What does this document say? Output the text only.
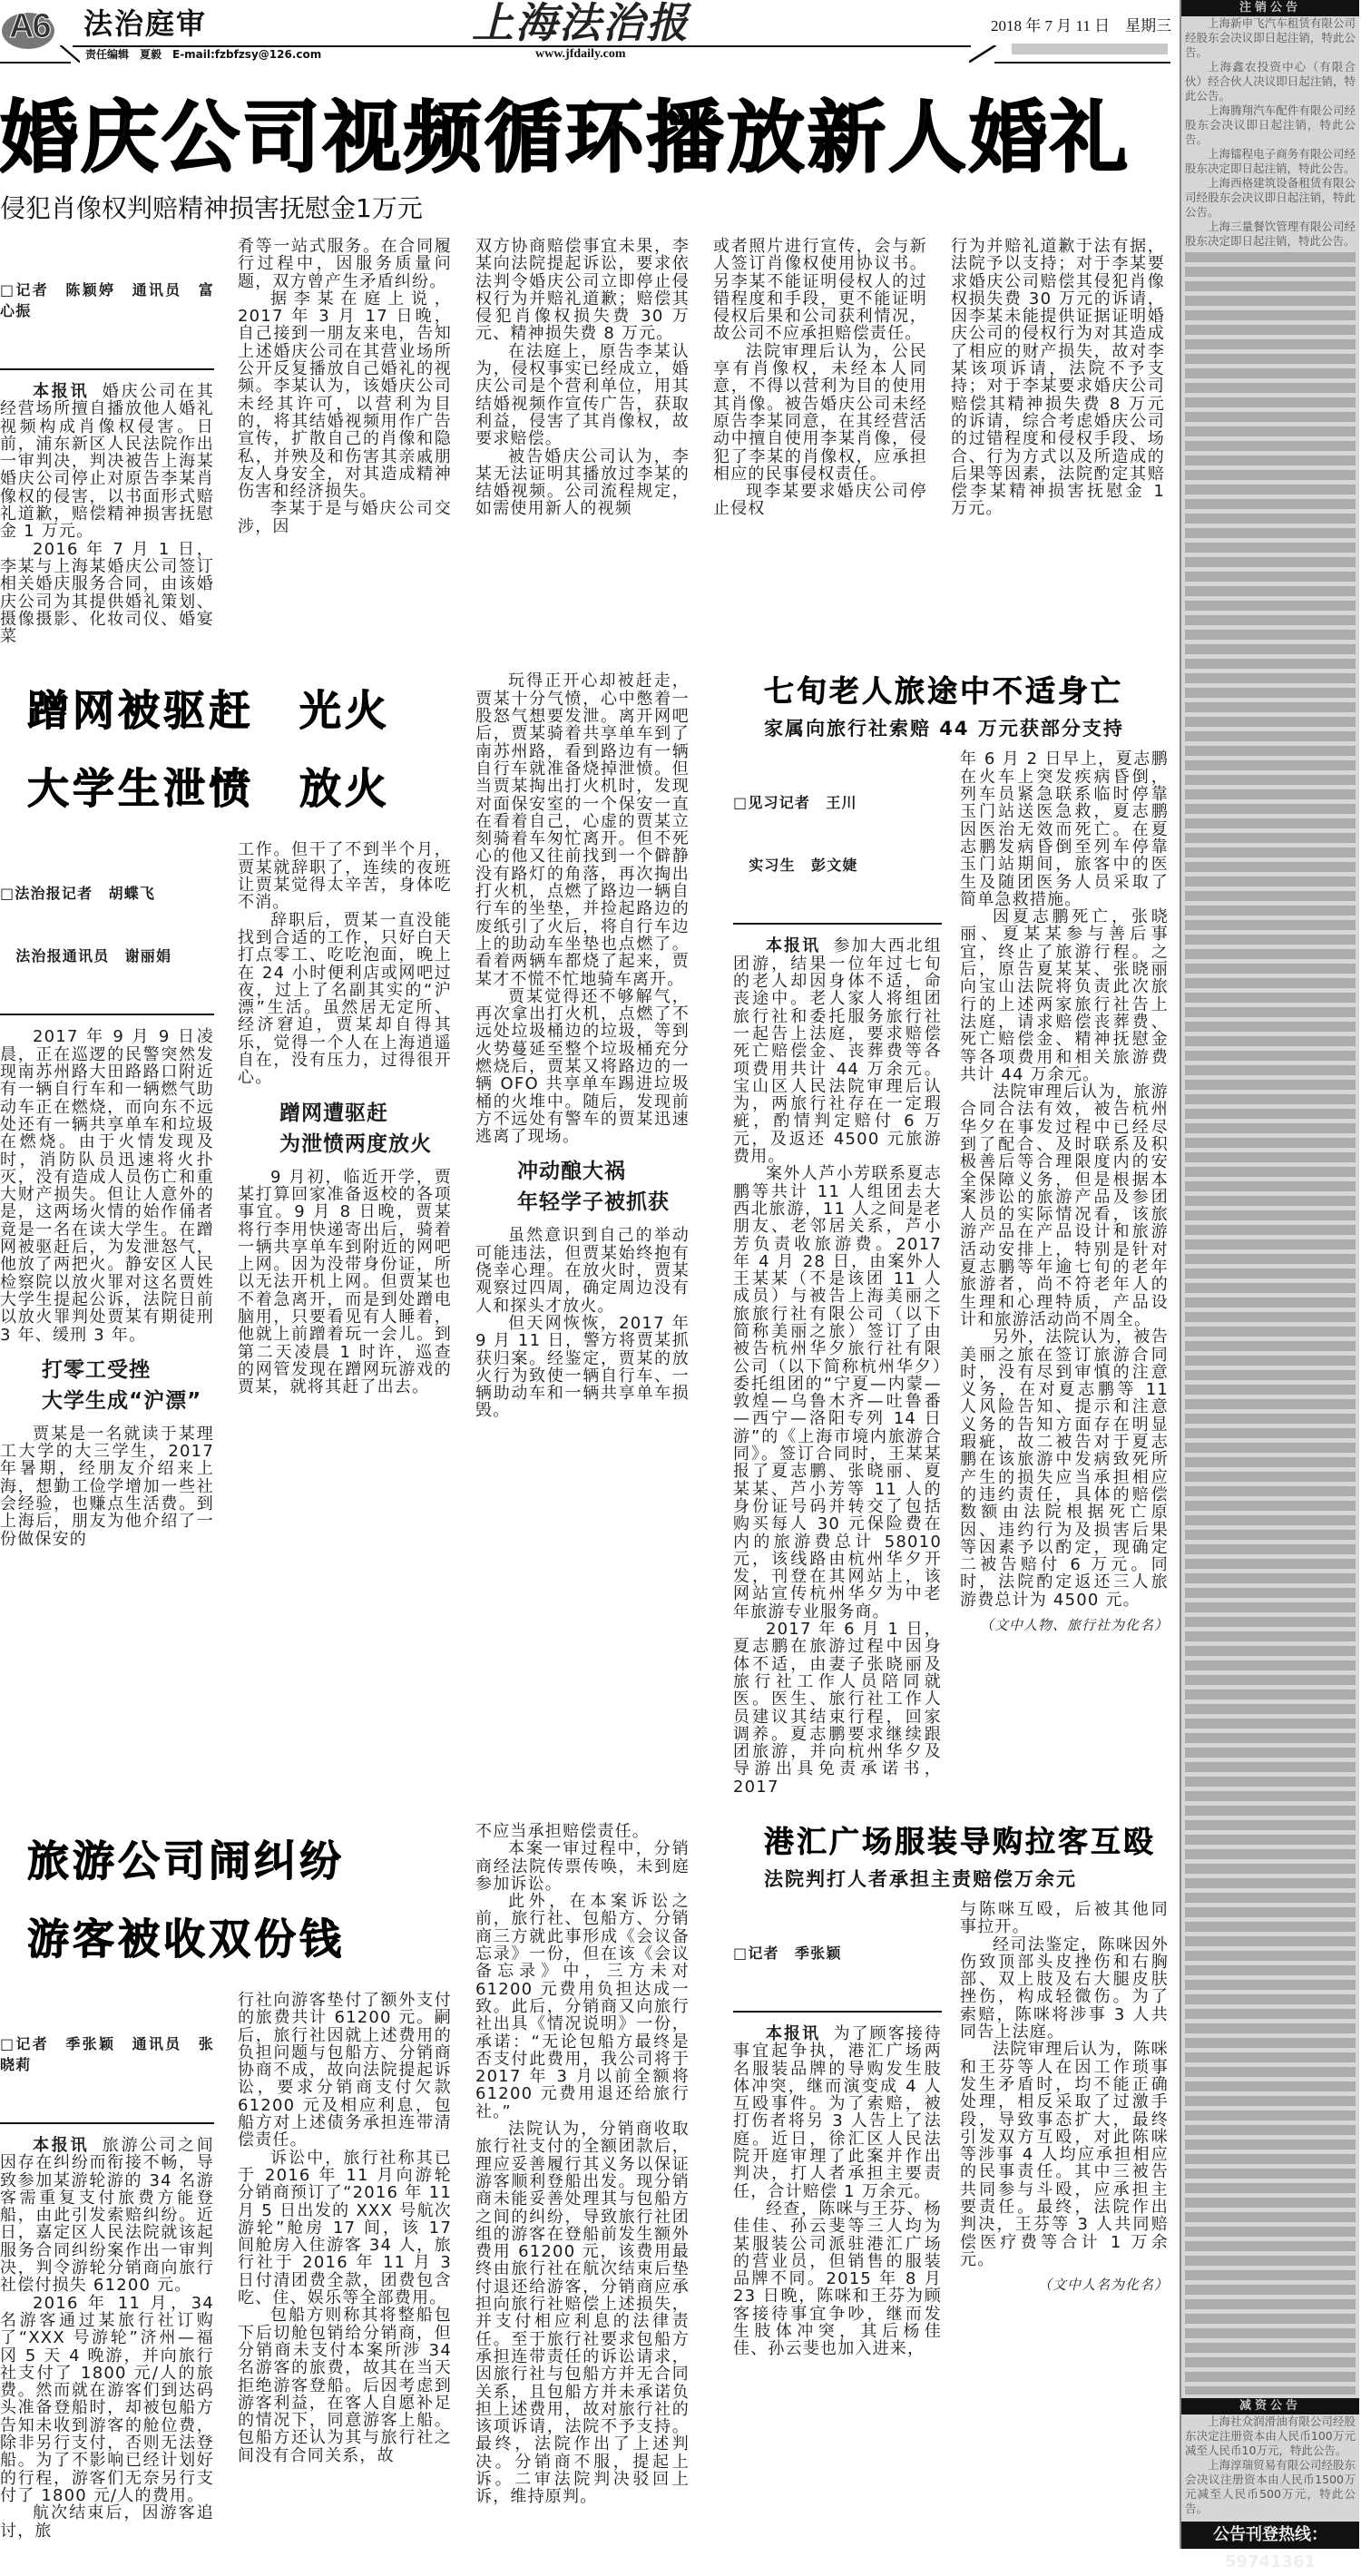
A6 法治庭审	上海法治报	2018 年 7 月 11 日　星期三
责任编辑　夏毅　E-mail:fzbfzsy@126.com	www.jfdaily.com
婚庆公司视频循环播放新人婚礼
侵犯肖像权判赔精神损害抚慰金1万元

□记者　陈颖婷　通讯员　富心振

本报讯 婚庆公司在其经营场所擅自播放他人婚礼视频构成肖像权侵害。日前，浦东新区人民法院作出一审判决，判决被告上海某婚庆公司停止对原告李某肖像权的侵害，以书面形式赔礼道歉，赔偿精神损害抚慰金 1 万元。

2016 年 7 月 1 日，李某与上海某婚庆公司签订相关婚庆服务合同，由该婚庆公司为其提供婚礼策划、摄像摄影、化妆司仪、婚宴菜

肴等一站式服务。在合同履行过程中，因服务质量问题，双方曾产生矛盾纠纷。

据李某在庭上说，2017 年 3 月 17 日晚，自己接到一朋友来电，告知上述婚庆公司在其营业场所公开反复播放自己婚礼的视频。李某认为，该婚庆公司未经其许可，以营利为目的，将其结婚视频用作广告宣传，扩散自己的肖像和隐私，并殃及和伤害其亲戚朋友人身安全，对其造成精神伤害和经济损失。

李某于是与婚庆公司交涉，因

双方协商赔偿事宜未果，李某向法院提起诉讼，要求依法判令婚庆公司立即停止侵权行为并赔礼道歉；赔偿其侵犯肖像权损失费 30 万元、精神损失费 8 万元。

在法庭上，原告李某认为，侵权事实已经成立，婚庆公司是个营利单位，用其结婚视频作宣传广告，获取利益，侵害了其肖像权，故要求赔偿。

被告婚庆公司认为，李某无法证明其播放过李某的结婚视频。公司流程规定，如需使用新人的视频

或者照片进行宣传，会与新人签订肖像权使用协议书。另李某不能证明侵权人的过错程度和手段，更不能证明侵权后果和公司获利情况，故公司不应承担赔偿责任。

法院审理后认为，公民享有肖像权，未经本人同意，不得以营利为目的使用其肖像。被告婚庆公司未经原告李某同意，在其经营活动中擅自使用李某肖像，侵犯了李某的肖像权，应承担相应的民事侵权责任。

现李某要求婚庆公司停止侵权

行为并赔礼道歉于法有据，法院予以支持；对于李某要求婚庆公司赔偿其侵犯肖像权损失费 30 万元的诉请，因李某未能提供证据证明婚庆公司的侵权行为对其造成了相应的财产损失，故对李某该项诉请，法院不予支持；对于李某要求婚庆公司赔偿其精神损失费 8 万元的诉请，综合考虑婚庆公司的过错程度和侵权手段、场合、行为方式以及所造成的后果等因素，法院酌定其赔偿李某精神损害抚慰金 1 万元。

蹭网被驱赶　光火
大学生泄愤　放火

□法治报记者　胡蝶飞

　法治报通讯员　谢丽娟

2017 年 9 月 9 日凌晨，正在巡逻的民警突然发现南苏州路大田路路口附近有一辆自行车和一辆燃气助动车正在燃烧，而向东不远处还有一辆共享单车和垃圾在燃烧。由于火情发现及时，消防队员迅速将火扑灭，没有造成人员伤亡和重大财产损失。但让人意外的是，这两场火情的始作俑者竟是一名在读大学生。在蹭网被驱赶后，为发泄怒气，他放了两把火。静安区人民检察院以放火罪对这名贾姓大学生提起公诉，法院日前以放火罪判处贾某有期徒刑 3 年、缓刑 3 年。

打零工受挫
大学生成“沪漂”

贾某是一名就读于某理工大学的大三学生，2017 年暑期，经朋友介绍来上海，想勤工俭学增加一些社会经验，也赚点生活费。到上海后，朋友为他介绍了一份做保安的

工作。但干了不到半个月，贾某就辞职了，连续的夜班让贾某觉得太辛苦，身体吃不消。

辞职后，贾某一直没能找到合适的工作，只好白天打点零工、吃吃泡面，晚上在 24 小时便利店或网吧过夜，过上了名副其实的“沪漂”生活。虽然居无定所、经济窘迫，贾某却自得其乐，觉得一个人在上海逍遥自在，没有压力，过得很开心。

蹭网遭驱赶
为泄愤两度放火

9 月初，临近开学，贾某打算回家准备返校的各项事宜。9 月 8 日晚，贾某将行李用快递寄出后，骑着一辆共享单车到附近的网吧上网。因为没带身份证，所以无法开机上网。但贾某也不着急离开，而是到处蹭电脑用，只要看见有人睡着，他就上前蹭着玩一会儿。到第二天凌晨 1 时许，巡查的网管发现在蹭网玩游戏的贾某，就将其赶了出去。

玩得正开心却被赶走，贾某十分气愤，心中憋着一股怒气想要发泄。离开网吧后，贾某骑着共享单车到了南苏州路，看到路边有一辆自行车就准备烧掉泄愤。但当贾某掏出打火机时，发现对面保安室的一个保安一直在看着自己，心虚的贾某立刻骑着车匆忙离开。但不死心的他又往前找到一个僻静没有路灯的角落，再次掏出打火机，点燃了路边一辆自行车的坐垫，并捡起路边的废纸引了火后，将自行车边上的助动车坐垫也点燃了。看着两辆车都烧了起来，贾某才不慌不忙地骑车离开。

贾某觉得还不够解气，再次拿出打火机，点燃了不远处垃圾桶边的垃圾，等到火势蔓延至整个垃圾桶充分燃烧后，贾某又将路边的一辆 OFO 共享单车踢进垃圾桶的火堆中。随后，发现前方不远处有警车的贾某迅速逃离了现场。

冲动酿大祸
年轻学子被抓获

虽然意识到自己的举动可能违法，但贾某始终抱有侥幸心理。在放火时，贾某观察过四周，确定周边没有人和探头才放火。

但天网恢恢，2017 年 9 月 11 日，警方将贾某抓获归案。经鉴定，贾某的放火行为致使一辆自行车、一辆助动车和一辆共享单车损毁。

七旬老人旅途中不适身亡
家属向旅行社索赔 44 万元获部分支持

□见习记者　王川

　实习生　彭文婕

本报讯 参加大西北组团游，结果一位年过七旬的老人却因身体不适，命丧途中。老人家人将组团旅行社和委托服务旅行社一起告上法庭，要求赔偿死亡赔偿金、丧葬费等各项费用共计 44 万余元。宝山区人民法院审理后认为，两旅行社存在一定瑕疵，酌情判定赔付 6 万元，及返还 4500 元旅游费用。

案外人芦小芳联系夏志鹏等共计 11 人组团去大西北旅游，11 人之间是老朋友、老邻居关系，芦小芳负责收旅游费。2017 年 4 月 28 日，由案外人王某某（不是该团 11 人成员）与被告上海美丽之旅旅行社有限公司（以下简称美丽之旅）签订了由被告杭州华夕旅行社有限公司（以下简称杭州华夕）委托组团的“宁夏—内蒙—敦煌—乌鲁木齐—吐鲁番—西宁—洛阳专列 14 日游”的《上海市境内旅游合同》。签订合同时，王某某报了夏志鹏、张晓丽、夏某某、芦小芳等 11 人的身份证号码并转交了包括购买每人 30 元保险费在内的旅游费总计 58010 元，该线路由杭州华夕开发，刊登在其网站上，该网站宣传杭州华夕为中老年旅游专业服务商。

2017 年 6 月 1 日，夏志鹏在旅游过程中因身体不适，由妻子张晓丽及旅行社工作人员陪同就医。医生、旅行社工作人员建议其结束行程，回家调养。夏志鹏要求继续跟团旅游，并向杭州华夕及导游出具免责承诺书，2017

年 6 月 2 日早上，夏志鹏在火车上突发疾病昏倒，列车员紧急联系临时停靠玉门站送医急救，夏志鹏因医治无效而死亡。在夏志鹏发病昏倒至列车停靠玉门站期间，旅客中的医生及随团医务人员采取了简单急救措施。

因夏志鹏死亡，张晓丽、夏某某参与善后事宜，终止了旅游行程。之后，原告夏某某、张晓丽向宝山法院将负责此次旅行的上述两家旅行社告上法庭，请求赔偿丧葬费、死亡赔偿金、精神抚慰金等各项费用和相关旅游费共计 44 万余元。

法院审理后认为，旅游合同合法有效，被告杭州华夕在事发过程中已经尽到了配合、及时联系及积极善后等合理限度内的安全保障义务，但是根据本案涉讼的旅游产品及参团人员的实际情况看，该旅游产品在产品设计和旅游活动安排上，特别是针对夏志鹏等年逾七旬的老年旅游者，尚不符老年人的生理和心理特质，产品设计和旅游活动尚不周全。

另外，法院认为，被告美丽之旅在签订旅游合同时，没有尽到审慎的注意义务，在对夏志鹏等 11 人风险告知、提示和注意义务的告知方面存在明显瑕疵，故二被告对于夏志鹏在该旅游中发病致死所产生的损失应当承担相应的违约责任，具体的赔偿数额由法院根据死亡原因、违约行为及损害后果等因素予以酌定，现确定二被告赔付 6 万元。同时，法院酌定返还三人旅游费总计为 4500 元。

（文中人物、旅行社为化名）
旅游公司闹纠纷
游客被收双份钱

□记者　季张颖　通讯员　张晓莉

本报讯 旅游公司之间因存在纠纷而衔接不畅，导致参加某游轮游的 34 名游客需重复支付旅费方能登船，由此引发索赔纠纷。近日，嘉定区人民法院就该起服务合同纠纷案作出一审判决，判令游轮分销商向旅行社偿付损失 61200 元。

2016 年 11 月，34 名游客通过某旅行社订购了“XXX 号游轮”济州—福冈 5 天 4 晚游，并向旅行社支付了 1800 元/人的旅费。然而就在游客们到达码头准备登船时，却被包船方告知未收到游客的舱位费，除非另行支付，否则无法登船。为了不影响已经计划好的行程，游客们无奈另行支付了 1800 元/人的费用。

航次结束后，因游客追讨，旅

行社向游客垫付了额外支付的旅费共计 61200 元。嗣后，旅行社因就上述费用的负担问题与包船方、分销商协商不成，故向法院提起诉讼，要求分销商支付欠款 61200 元及相应利息，包船方对上述债务承担连带清偿责任。

诉讼中，旅行社称其已于 2016 年 11 月向游轮分销商预订了“2016 年 11 月 5 日出发的 XXX 号航次游轮”舱房 17 间，该 17 间舱房入住游客 34 人，旅行社于 2016 年 11 月 3 日付清团费全款，团费包含吃、住、娱乐等全部费用。

包船方则称其将整船包下后切舱包销给分销商，但分销商未支付本案所涉 34 名游客的旅费，故其在当天拒绝游客登船。后因考虑到游客利益，在客人自愿补足的情况下，同意游客上船。包船方还认为其与旅行社之间没有合同关系，故

不应当承担赔偿责任。

本案一审过程中，分销商经法院传票传唤，未到庭参加诉讼。

此外，在本案诉讼之前，旅行社、包船方、分销商三方就此事形成《会议备忘录》一份，但在该《会议备忘录》中，三方未对 61200 元费用负担达成一致。此后，分销商又向旅行社出具《情况说明》一份，承诺：“无论包船方最终是否支付此费用，我公司将于 2017 年 3 月以前全额将 61200 元费用退还给旅行社。”

法院认为，分销商收取旅行社支付的全额团款后，理应妥善履行其义务以保证游客顺利登船出发。现分销商未能妥善处理其与包船方之间的纠纷，导致旅行社团组的游客在登船前发生额外费用 61200 元，该费用最终由旅行社在航次结束后垫付退还给游客，分销商应承担向旅行社赔偿上述损失，并支付相应利息的法律责任。至于旅行社要求包船方承担连带责任的诉讼请求，因旅行社与包船方并无合同关系，且包船方并未承诺负担上述费用，故对旅行社的该项诉请，法院不予支持。最终，法院作出了上述判决。分销商不服，提起上诉。二审法院判决驳回上诉，维持原判。

港汇广场服装导购拉客互殴
法院判打人者承担主责赔偿万余元

□记者　季张颖

本报讯 为了顾客接待事宜起争执，港汇广场两名服装品牌的导购发生肢体冲突，继而演变成 4 人互殴事件。为了索赔，被打伤者将另 3 人告上了法庭。近日，徐汇区人民法院开庭审理了此案并作出判决，打人者承担主要责任，合计赔偿 1 万余元。

经查，陈咪与王芬、杨佳佳、孙云斐等三人均为某服装公司派驻港汇广场的营业员，但销售的服装品牌不同。2015 年 8 月 23 日晚，陈咪和王芬为顾客接待事宜争吵，继而发生肢体冲突，其后杨佳佳、孙云斐也加入进来，

与陈咪互殴，后被其他同事拉开。

经司法鉴定，陈咪因外伤致顶部头皮挫伤和右胸部、双上肢及右大腿皮肤挫伤，构成轻微伤。为了索赔，陈咪将涉事 3 人共同告上法庭。

法院审理后认为，陈咪和王芬等人在因工作琐事发生矛盾时，均不能正确处理，相反采取了过激手段，导致事态扩大，最终引发双方互殴，对此陈咪等涉事 4 人均应承担相应的民事责任。其中三被告共同参与斗殴，应承担主要责任。最终，法院作出判决，王芬等 3 人共同赔偿医疗费等合计 1 万余元。

（文中人名为化名）
注销公告
上海新申飞汽车租赁有限公司经股东会决议即日起注销，特此公告。
上海鑫农投资中心（有限合伙）经合伙人决议即日起注销，特此公告。
上海腾翔汽车配件有限公司经股东会决议即日起注销，特此公告。
上海镭程电子商务有限公司经股东决定即日起注销，特此公告。
上海西格建筑设备租赁有限公司经股东会决议即日起注销，特此公告。
上海三量餐饮管理有限公司经股东决定即日起注销，特此公告。
减资公告
上海社众润滑油有限公司经股东决定注册资本由人民币100万元减至人民币10万元，特此公告。
上海淳瑞贸易有限公司经股东会决议注册资本由人民币1500万元减至人民币500万元，特此公告。
公告刊登热线：59741361
